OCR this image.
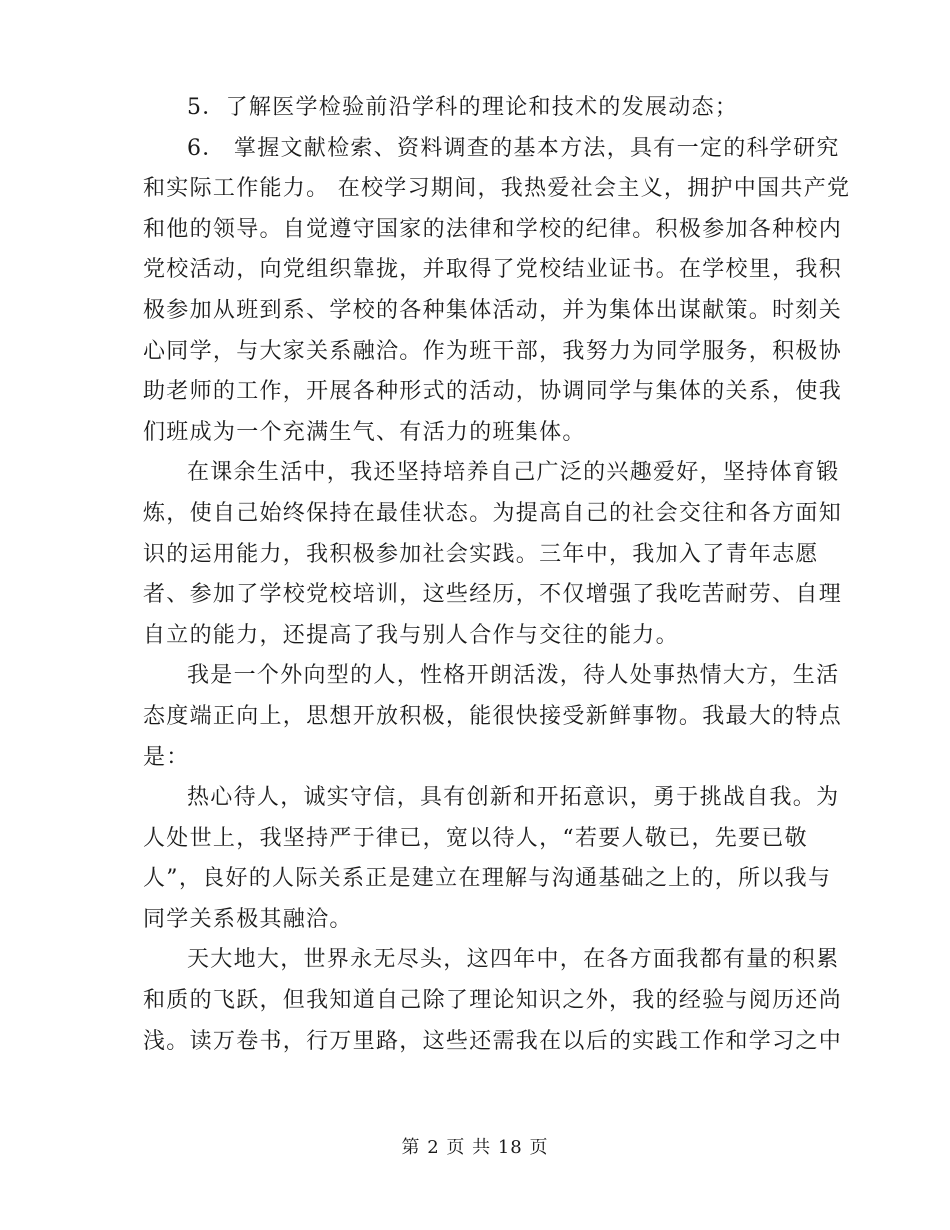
5．了解医学检验前沿学科的理论和技术的发展动态；

6． 掌握文献检索、资料调查的基本方法，具有一定的科学研究
和实际工作能力。 在校学习期间，我热爱社会主义，拥护中国共产党
和他的领导。自觉遵守国家的法律和学校的纪律。积极参加各种校内
党校活动，向党组织靠拢，并取得了党校结业证书。在学校里，我积
极参加从班到系、学校的各种集体活动，并为集体出谋献策。时刻关
心同学，与大家关系融洽。作为班干部，我努力为同学服务，积极协
助老师的工作，开展各种形式的活动，协调同学与集体的关系，使我
们班成为一个充满生气、有活力的班集体。

在课余生活中，我还坚持培养自己广泛的兴趣爱好，坚持体育锻
炼，使自己始终保持在最佳状态。为提高自己的社会交往和各方面知
识的运用能力，我积极参加社会实践。三年中，我加入了青年志愿
者、参加了学校党校培训，这些经历，不仅增强了我吃苦耐劳、自理
自立的能力，还提高了我与别人合作与交往的能力。

我是一个外向型的人，性格开朗活泼，待人处事热情大方，生活
态度端正向上，思想开放积极，能很快接受新鲜事物。我最大的特点
是：

热心待人，诚实守信，具有创新和开拓意识，勇于挑战自我。为
人处世上，我坚持严于律已，宽以待人，“若要人敬已，先要已敬
人”，良好的人际关系正是建立在理解与沟通基础之上的，所以我与
同学关系极其融洽。

天大地大，世界永无尽头，这四年中，在各方面我都有量的积累
和质的飞跃，但我知道自己除了理论知识之外，我的经验与阅历还尚
浅。读万卷书，行万里路，这些还需我在以后的实践工作和学习之中

第 2 页 共 18 页
